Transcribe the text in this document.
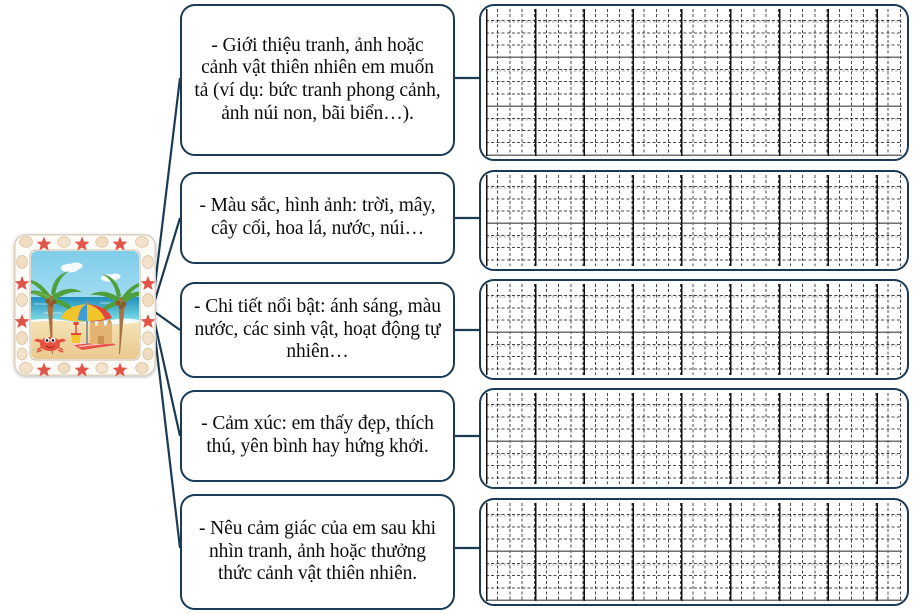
- Giới thiệu tranh, ảnh hoặc cảnh vật thiên nhiên em muốn tả (ví dụ: bức tranh phong cảnh, ảnh núi non, bãi biển…).
- Màu sắc, hình ảnh: trời, mây, cây cối, hoa lá, nước, núi…
- Chi tiết nổi bật: ánh sáng, màu nước, các sinh vật, hoạt động tự nhiên…
- Cảm xúc: em thấy đẹp, thích thú, yên bình hay hứng khởi.
- Nêu cảm giác của em sau khi nhìn tranh, ảnh hoặc thưởng thức cảnh vật thiên nhiên.
